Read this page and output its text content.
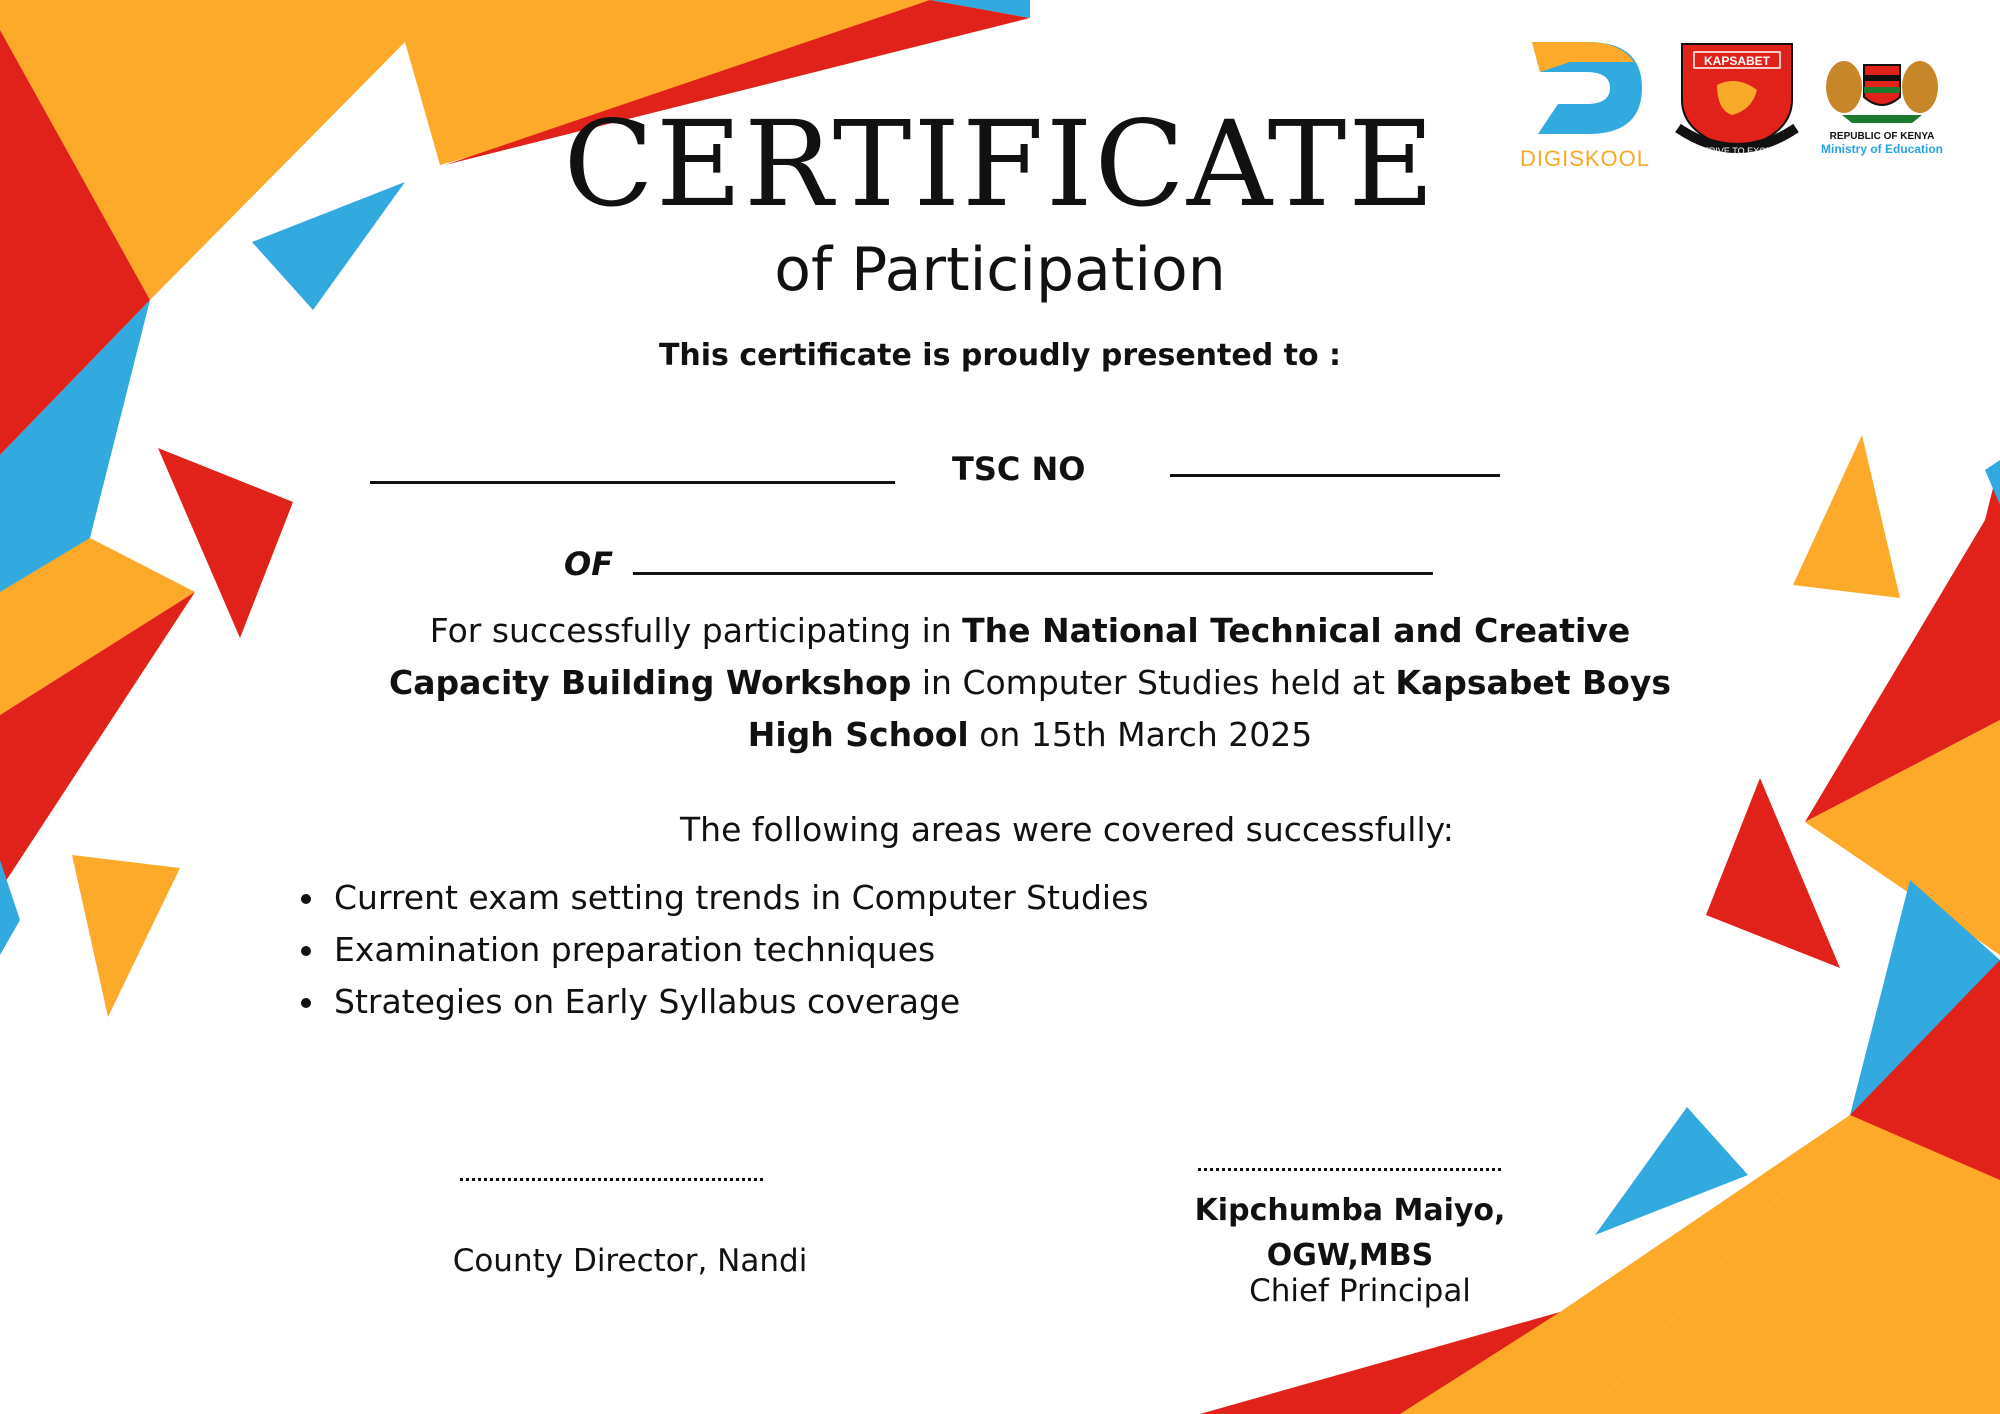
DIGISKOOL
KAPSABET
STRIVE TO EXCEL
REPUBLIC OF KENYA
Ministry of Education
CERTIFICATE
of Participation
This certificate is proudly presented to :
TSC NO
OF
For successfully participating in The National Technical and Creative Capacity Building Workshop in Computer Studies held at Kapsabet Boys High School on 15th March 2025
The following areas were covered successfully:
• Current exam setting trends in Computer Studies
• Examination preparation techniques
• Strategies on Early Syllabus coverage
County Director, Nandi
Kipchumba Maiyo,
OGW,MBS
Chief Principal
